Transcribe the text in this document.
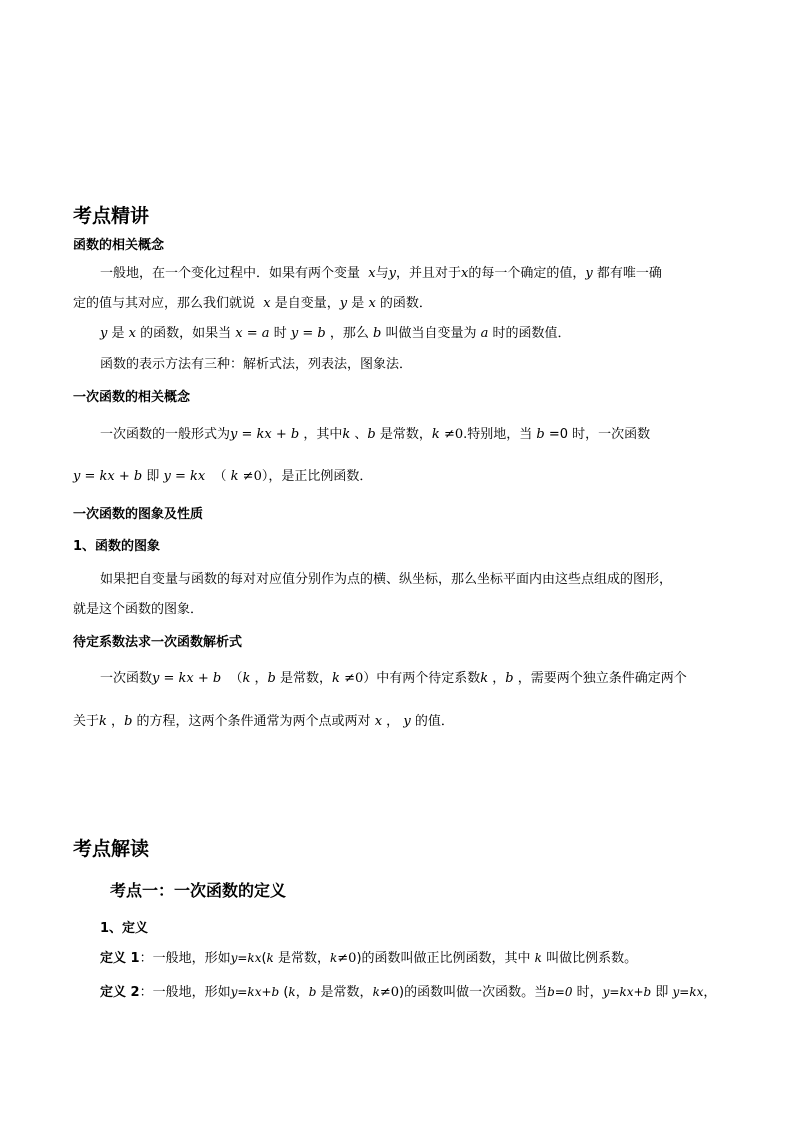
考点精讲
函数的相关概念
一般地，在一个变化过程中．如果有两个变量 x与y，并且对于x的每一个确定的值，y 都有唯一确
定的值与其对应，那么我们就说 x 是自变量，y 是 x 的函数．
y 是 x 的函数，如果当 x = a 时 y = b ，那么 b 叫做当自变量为 a 时的函数值．
函数的表示方法有三种：解析式法，列表法，图象法．
一次函数的相关概念
一次函数的一般形式为y = kx + b ，其中k 、b 是常数，k ≠0.特别地，当 b =0 时，一次函数
y = kx + b 即 y = kx （ k ≠0），是正比例函数．
一次函数的图象及性质
1、函数的图象
如果把自变量与函数的每对对应值分别作为点的横、纵坐标，那么坐标平面内由这些点组成的图形，
就是这个函数的图象．
待定系数法求一次函数解析式
一次函数y = kx + b （k ，b 是常数，k ≠0）中有两个待定系数k ，b ，需要两个独立条件确定两个
关于k ，b 的方程，这两个条件通常为两个点或两对 x ， y 的值．
考点解读
考点一：一次函数的定义
1、定义
定义 1：一般地，形如y=kx(k 是常数，k≠0)的函数叫做正比例函数，其中 k 叫做比例系数。
定义 2：一般地，形如y=kx+b (k，b 是常数，k≠0)的函数叫做一次函数。当b=0 时，y=kx+b 即 y=kx，
